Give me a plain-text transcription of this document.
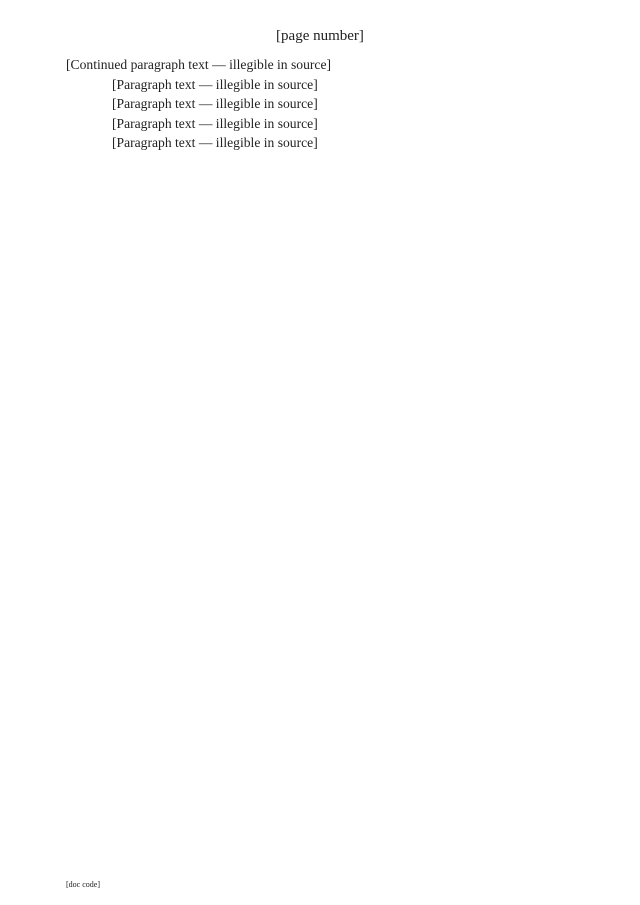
[page number]

[Continued paragraph text — illegible in source]

[Paragraph text — illegible in source]

[Paragraph text — illegible in source]

[Paragraph text — illegible in source]

[Paragraph text — illegible in source]

[doc code]
